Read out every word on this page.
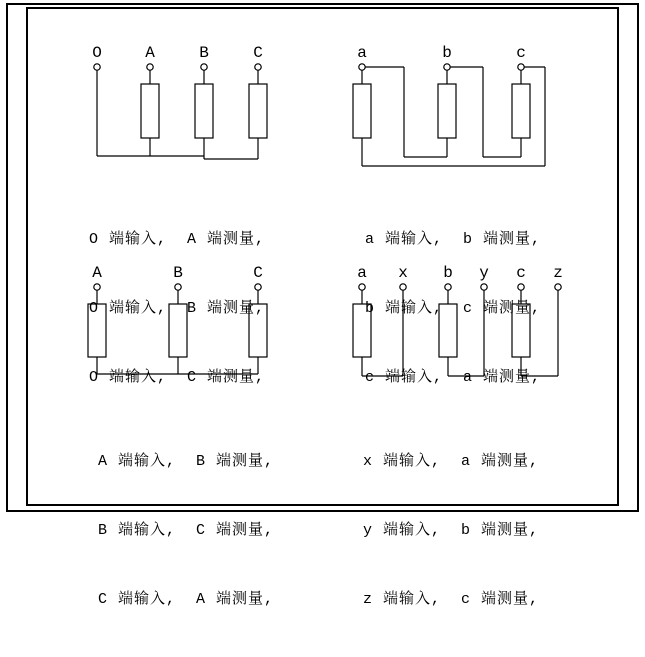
O	A	B	C	a	b	c
A	B	C	a x b y c z

O 端输入,  A 端测量,

O 端输入,  B 端测量,

O 端输入,  C 端测量,

a 端输入,  b 端测量,

b 端输入,  c 端测量,

c 端输入,  a 端测量,

A 端输入,  B 端测量,

B 端输入,  C 端测量,

C 端输入,  A 端测量,

x 端输入,  a 端测量,

y 端输入,  b 端测量,

z 端输入,  c 端测量,
